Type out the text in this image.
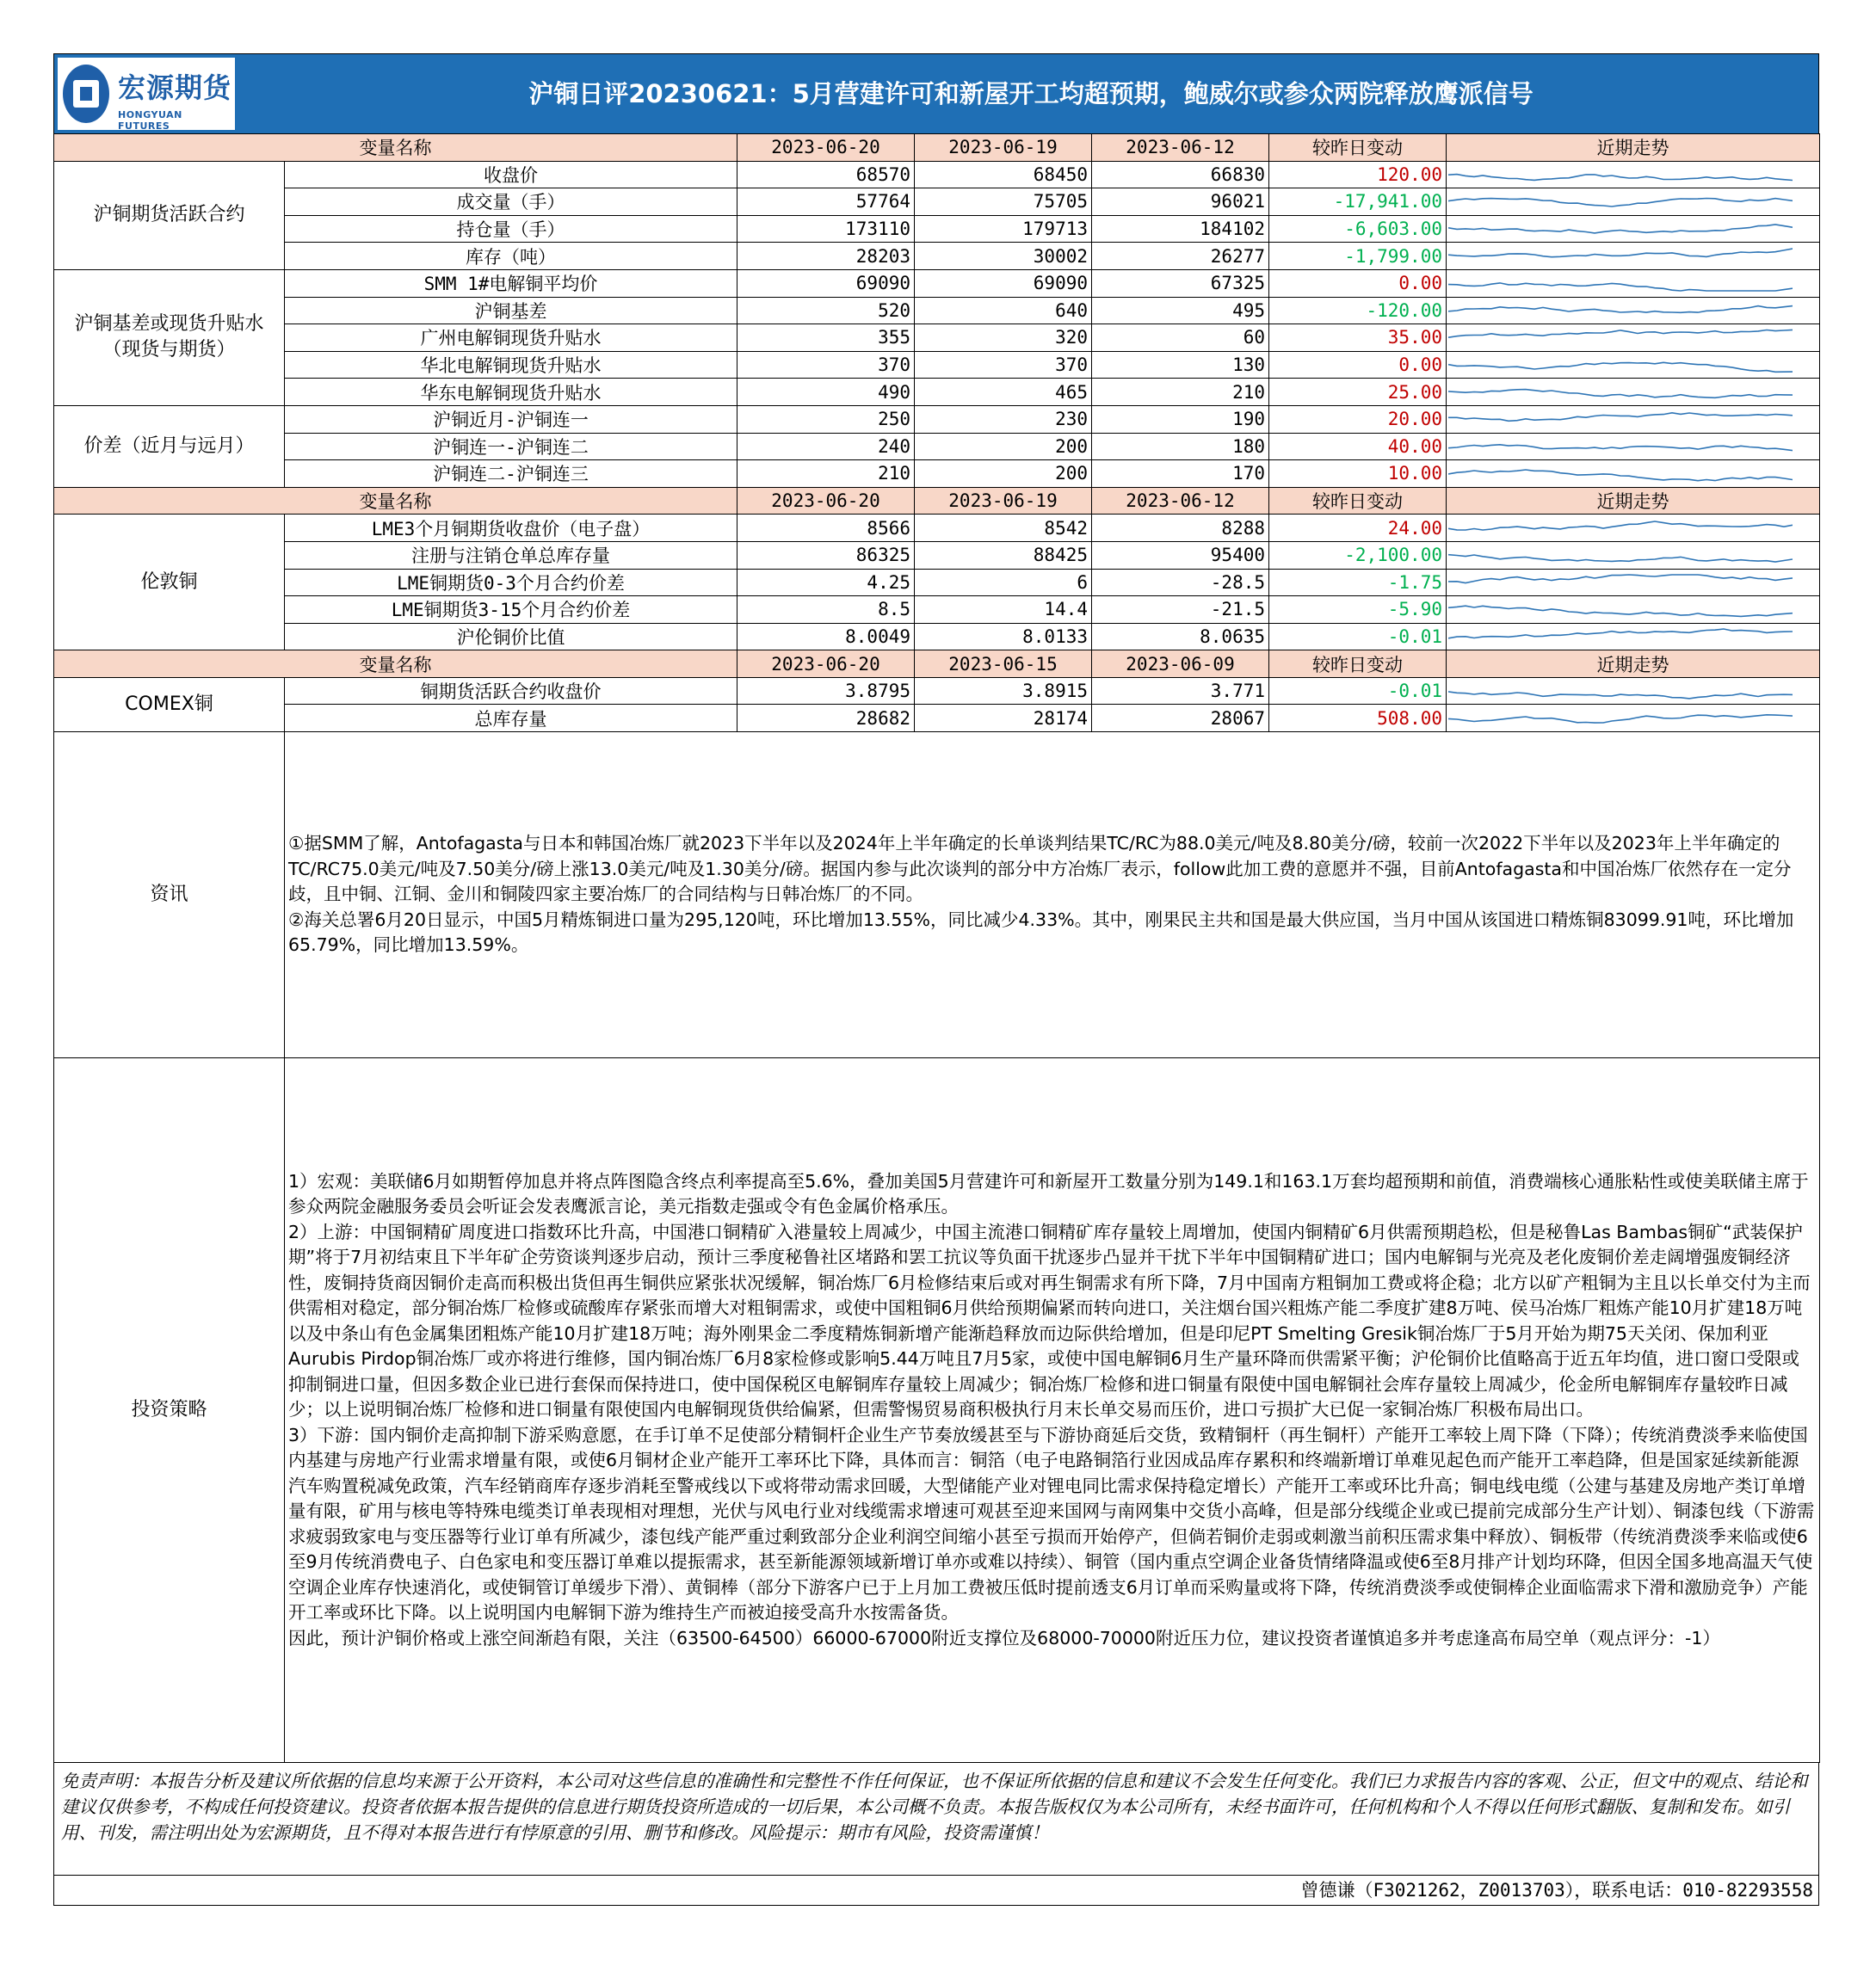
宏源期货
HONGYUAN FUTURES
沪铜日评20230621：5月营建许可和新屋开工均超预期，鲍威尔或参众两院释放鹰派信号
变量名称		2023-06-20	2023-06-19	2023-06-12	较昨日变动	近期走势
沪铜期货活跃合约	收盘价	68570	68450	66830	120.00	

	成交量（手）	57764	75705	96021	-17,941.00	

	持仓量（手）	173110	179713	184102	-6,603.00	

	库存（吨）	28203	30002	26277	-1,799.00	

沪铜基差或现货升贴水（现货与期货）	SMM 1#电解铜平均价	69090	69090	67325	0.00	

	沪铜基差	520	640	495	-120.00	

	广州电解铜现货升贴水	355	320	60	35.00	

	华北电解铜现货升贴水	370	370	130	0.00	

	华东电解铜现货升贴水	490	465	210	25.00	

价差（近月与远月）	沪铜近月-沪铜连一	250	230	190	20.00	

	沪铜连一-沪铜连二	240	200	180	40.00	

	沪铜连二-沪铜连三	210	200	170	10.00	

变量名称		2023-06-20	2023-06-19	2023-06-12	较昨日变动	近期走势
伦敦铜	LME3个月铜期货收盘价（电子盘）	8566	8542	8288	24.00	

	注册与注销仓单总库存量	86325	88425	95400	-2,100.00	

	LME铜期货0-3个月合约价差	4.25	6	-28.5	-1.75	

	LME铜期货3-15个月合约价差	8.5	14.4	-21.5	-5.90	

	沪伦铜价比值	8.0049	8.0133	8.0635	-0.01	

变量名称		2023-06-20	2023-06-15	2023-06-09	较昨日变动	近期走势
COMEX铜	铜期货活跃合约收盘价	3.8795	3.8915	3.771	-0.01	

	总库存量	28682	28174	28067	508.00	
资讯	①据SMM了解，Antofagasta与日本和韩国冶炼厂就2023下半年以及2024年上半年确定的长单谈判结果TC/RC为88.0美元/吨及8.80美分/磅，较前一次2022下半年以及2023年上半年确定的TC/RC75.0美元/吨及7.50美分/磅上涨13.0美元/吨及1.30美分/磅。据国内参与此次谈判的部分中方冶炼厂表示，follow此加工费的意愿并不强，目前Antofagasta和中国冶炼厂依然存在一定分歧，且中铜、江铜、金川和铜陵四家主要冶炼厂的合同结构与日韩冶炼厂的不同。

②海关总署6月20日显示，中国5月精炼铜进口量为295,120吨，环比增加13.55%，同比减少4.33%。其中，刚果民主共和国是最大供应国，当月中国从该国进口精炼铜83099.91吨，环比增加65.79%，同比增加13.59%。

投资策略	1）宏观：美联储6月如期暂停加息并将点阵图隐含终点利率提高至5.6%，叠加美国5月营建许可和新屋开工数量分别为149.1和163.1万套均超预期和前值，消费端核心通胀粘性或使美联储主席于参众两院金融服务委员会听证会发表鹰派言论，美元指数走强或令有色金属价格承压。

2）上游：中国铜精矿周度进口指数环比升高，中国港口铜精矿入港量较上周减少，中国主流港口铜精矿库存量较上周增加，使国内铜精矿6月供需预期趋松，但是秘鲁Las Bambas铜矿“武装保护期”将于7月初结束且下半年矿企劳资谈判逐步启动，预计三季度秘鲁社区堵路和罢工抗议等负面干扰逐步凸显并干扰下半年中国铜精矿进口；国内电解铜与光亮及老化废铜价差走阔增强废铜经济性，废铜持货商因铜价走高而积极出货但再生铜供应紧张状况缓解，铜冶炼厂6月检修结束后或对再生铜需求有所下降，7月中国南方粗铜加工费或将企稳；北方以矿产粗铜为主且以长单交付为主而供需相对稳定，部分铜冶炼厂检修或硫酸库存紧张而增大对粗铜需求，或使中国粗铜6月供给预期偏紧而转向进口，关注烟台国兴粗炼产能二季度扩建8万吨、侯马冶炼厂粗炼产能10月扩建18万吨以及中条山有色金属集团粗炼产能10月扩建18万吨；海外刚果金二季度精炼铜新增产能渐趋释放而边际供给增加，但是印尼PT Smelting Gresik铜冶炼厂于5月开始为期75天关闭、保加利亚Aurubis Pirdop铜冶炼厂或亦将进行维修，国内铜冶炼厂6月8家检修或影响5.44万吨且7月5家，或使中国电解铜6月生产量环降而供需紧平衡；沪伦铜价比值略高于近五年均值，进口窗口受限或抑制铜进口量，但因多数企业已进行套保而保持进口，使中国保税区电解铜库存量较上周减少；铜冶炼厂检修和进口铜量有限使中国电解铜社会库存量较上周减少，伦金所电解铜库存量较昨日减少；以上说明铜冶炼厂检修和进口铜量有限使国内电解铜现货供给偏紧，但需警惕贸易商积极执行月末长单交易而压价，进口亏损扩大已促一家铜冶炼厂积极布局出口。

3）下游：国内铜价走高抑制下游采购意愿，在手订单不足使部分精铜杆企业生产节奏放缓甚至与下游协商延后交货，致精铜杆（再生铜杆）产能开工率较上周下降（下降）；传统消费淡季来临使国内基建与房地产行业需求增量有限，或使6月铜材企业产能开工率环比下降，具体而言：铜箔（电子电路铜箔行业因成品库存累积和终端新增订单难见起色而产能开工率趋降，但是国家延续新能源汽车购置税减免政策，汽车经销商库存逐步消耗至警戒线以下或将带动需求回暖，大型储能产业对锂电同比需求保持稳定增长）产能开工率或环比升高；铜电线电缆（公建与基建及房地产类订单增量有限，矿用与核电等特殊电缆类订单表现相对理想，光伏与风电行业对线缆需求增速可观甚至迎来国网与南网集中交货小高峰，但是部分线缆企业或已提前完成部分生产计划）、铜漆包线（下游需求疲弱致家电与变压器等行业订单有所减少，漆包线产能严重过剩致部分企业利润空间缩小甚至亏损而开始停产，但倘若铜价走弱或刺激当前积压需求集中释放）、铜板带（传统消费淡季来临或使6至9月传统消费电子、白色家电和变压器订单难以提振需求，甚至新能源领域新增订单亦或难以持续）、铜管（国内重点空调企业备货情绪降温或使6至8月排产计划均环降，但因全国多地高温天气使空调企业库存快速消化，或使铜管订单缓步下滑）、黄铜棒（部分下游客户已于上月加工费被压低时提前透支6月订单而采购量或将下降，传统消费淡季或使铜棒企业面临需求下滑和激励竞争）产能开工率或环比下降。以上说明国内电解铜下游为维持生产而被迫接受高升水按需备货。

因此，预计沪铜价格或上涨空间渐趋有限，关注（63500-64500）66000-67000附近支撑位及68000-70000附近压力位，建议投资者谨慎追多并考虑逢高布局空单（观点评分：-1）

免责声明：本报告分析及建议所依据的信息均来源于公开资料，本公司对这些信息的准确性和完整性不作任何保证，也不保证所依据的信息和建议不会发生任何变化。我们已力求报告内容的客观、公正，但文中的观点、结论和建议仅供参考，不构成任何投资建议。投资者依据本报告提供的信息进行期货投资所造成的一切后果，本公司概不负责。本报告版权仅为本公司所有，未经书面许可，任何机构和个人不得以任何形式翻版、复制和发布。如引用、刊发，需注明出处为宏源期货，且不得对本报告进行有悖原意的引用、删节和修改。风险提示：期市有风险，投资需谨慎！
曾德谦（F3021262，Z0013703），联系电话：010-82293558
